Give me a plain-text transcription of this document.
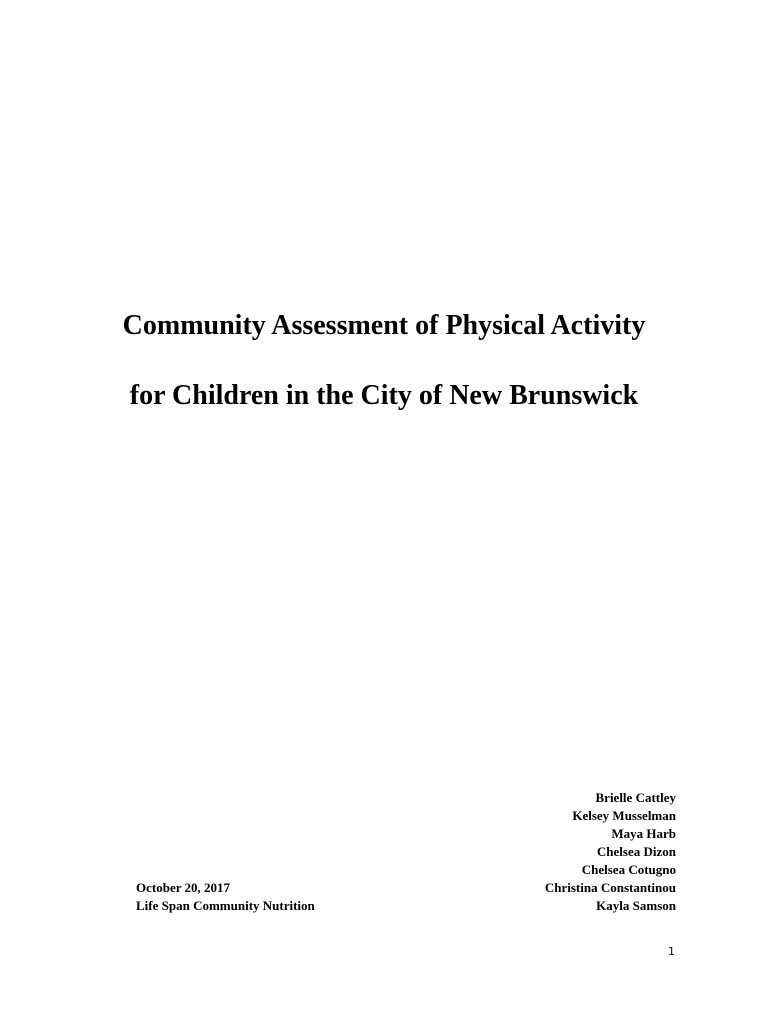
Community Assessment of Physical Activity
for Children in the City of New Brunswick
Brielle Cattley
Kelsey Musselman
Maya Harb
Chelsea Dizon
Chelsea Cotugno
Christina Constantinou
Kayla Samson
October 20, 2017
Life Span Community Nutrition
1
